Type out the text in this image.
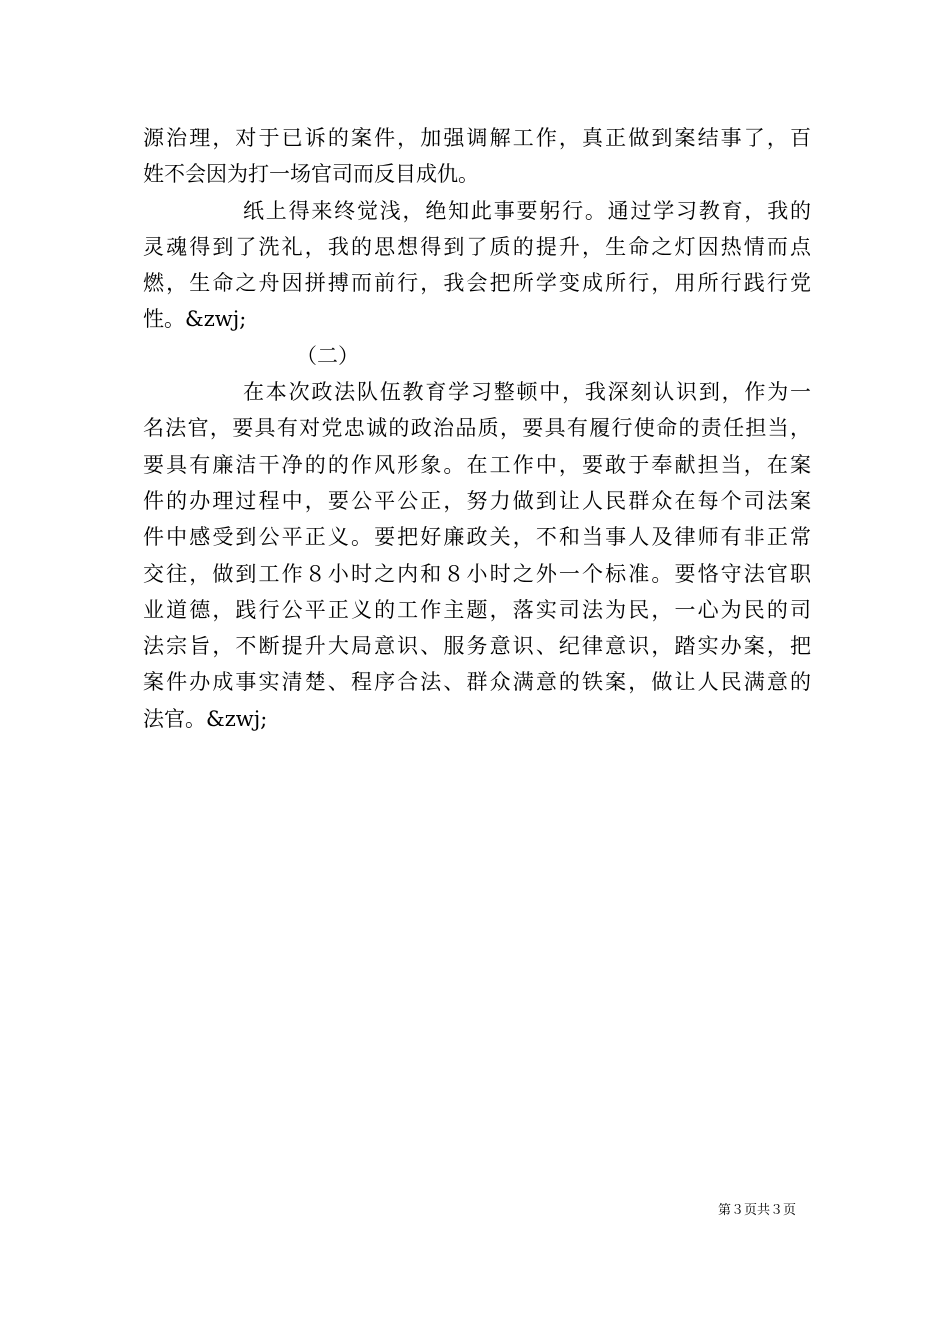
源治理，对于已诉的案件，加强调解工作，真正做到案结事了，百
姓不会因为打一场官司而反目成仇。
纸上得来终觉浅，绝知此事要躬行。通过学习教育，我的
灵魂得到了洗礼，我的思想得到了质的提升，生命之灯因热情而点
燃，生命之舟因拼搏而前行，我会把所学变成所行，用所行践行党
性。&zwj;
（二）
在本次政法队伍教育学习整顿中，我深刻认识到，作为一
名法官，要具有对党忠诚的政治品质，要具有履行使命的责任担当，
要具有廉洁干净的的作风形象。在工作中，要敢于奉献担当，在案
件的办理过程中，要公平公正，努力做到让人民群众在每个司法案
件中感受到公平正义。要把好廉政关，不和当事人及律师有非正常
交往，做到工作８小时之内和８小时之外一个标准。要恪守法官职
业道德，践行公平正义的工作主题，落实司法为民，一心为民的司
法宗旨，不断提升大局意识、服务意识、纪律意识，踏实办案，把
案件办成事实清楚、程序合法、群众满意的铁案，做让人民满意的
法官。&zwj;
第３页共３页
